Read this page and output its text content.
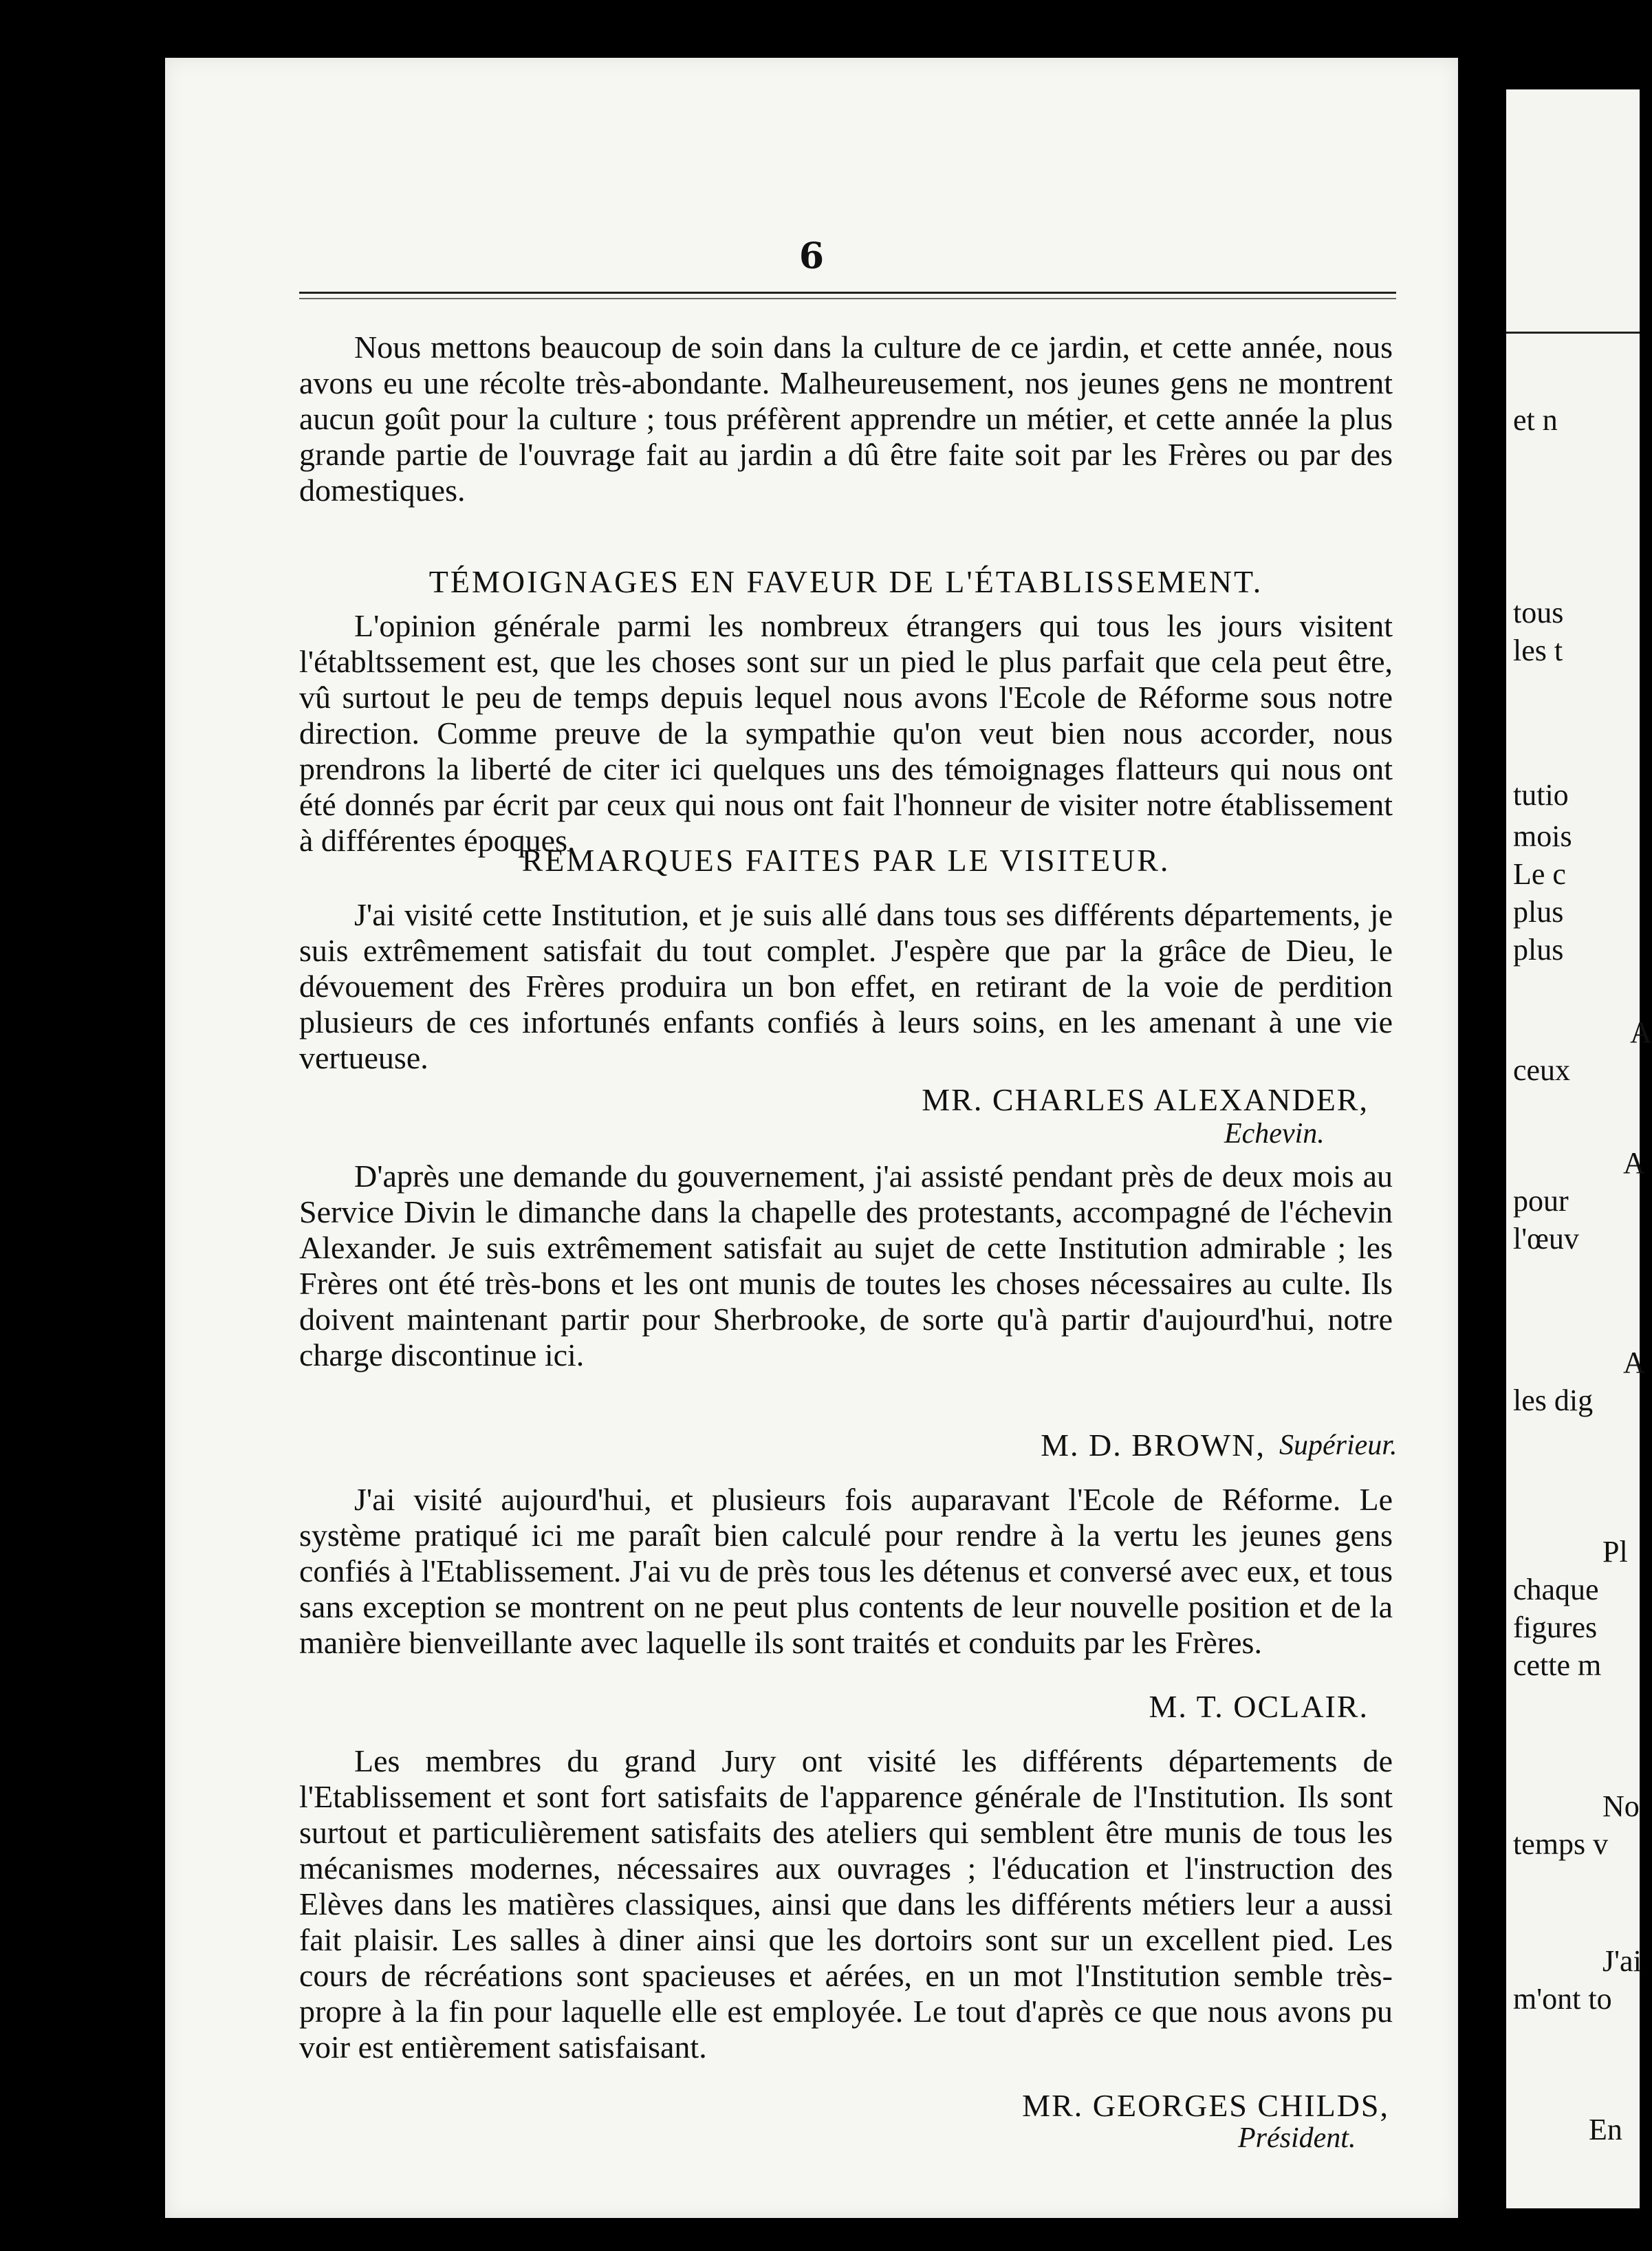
6
Nous mettons beaucoup de soin dans la culture de ce jardin, et cette année, nous avons eu une récolte très-abondante. Malheureusement, nos jeunes gens ne montrent aucun goût pour la culture ; tous préfèrent apprendre un métier, et cette année la plus grande partie de l'ouvrage fait au jardin a dû être faite soit par les Frères ou par des domestiques.
TÉMOIGNAGES EN FAVEUR DE L'ÉTABLISSEMENT.
L'opinion générale parmi les nombreux étrangers qui tous les jours visitent l'établtssement est, que les choses sont sur un pied le plus parfait que cela peut être, vû surtout le peu de temps depuis lequel nous avons l'Ecole de Réforme sous notre direction. Comme preuve de la sympathie qu'on veut bien nous accorder, nous prendrons la liberté de citer ici quelques uns des témoignages flatteurs qui nous ont été donnés par écrit par ceux qui nous ont fait l'honneur de visiter notre établissement à différentes époques.
REMARQUES FAITES PAR LE VISITEUR.
J'ai visité cette Institution, et je suis allé dans tous ses différents départements, je suis extrêmement satisfait du tout complet. J'espère que par la grâce de Dieu, le dévouement des Frères produira un bon effet, en retirant de la voie de perdition plusieurs de ces infortunés enfants confiés à leurs soins, en les amenant à une vie vertueuse.
MR. CHARLES ALEXANDER,
Echevin.
D'après une demande du gouvernement, j'ai assisté pendant près de deux mois au Service Divin le dimanche dans la chapelle des protestants, accompagné de l'échevin Alexander. Je suis extrêmement satisfait au sujet de cette Institution admirable ; les Frères ont été très-bons et les ont munis de toutes les choses nécessaires au culte. Ils doivent maintenant partir pour Sherbrooke, de sorte qu'à partir d'aujourd'hui, notre charge discontinue ici.
M. D. BROWN, Supérieur.
J'ai visité aujourd'hui, et plusieurs fois auparavant l'Ecole de Réforme. Le système pratiqué ici me paraît bien calculé pour rendre à la vertu les jeunes gens confiés à l'Etablissement. J'ai vu de près tous les détenus et conversé avec eux, et tous sans exception se montrent on ne peut plus contents de leur nouvelle position et de la manière bienveillante avec laquelle ils sont traités et conduits par les Frères.
M. T. OCLAIR.
Les membres du grand Jury ont visité les différents départements de l'Etablissement et sont fort satisfaits de l'apparence générale de l'Institution. Ils sont surtout et particulièrement satisfaits des ateliers qui semblent être munis de tous les mécanismes modernes, nécessaires aux ouvrages ; l'éducation et l'instruction des Elèves dans les matières classiques, ainsi que dans les différents métiers leur a aussi fait plaisir. Les salles à diner ainsi que les dortoirs sont sur un excellent pied. Les cours de récréations sont spacieuses et aérées, en un mot l'Institution semble très-propre à la fin pour laquelle elle est employée. Le tout d'après ce que nous avons pu voir est entièrement satisfaisant.
MR. GEORGES CHILDS,
Président.
et n
tous
les t
tutio
mois
Le c
plus
plus
A
ceux
A
pour
l'œuv
A
les dig
Pl
chaque
figures
cette m
No
temps v
J'ai
m'ont to
En
